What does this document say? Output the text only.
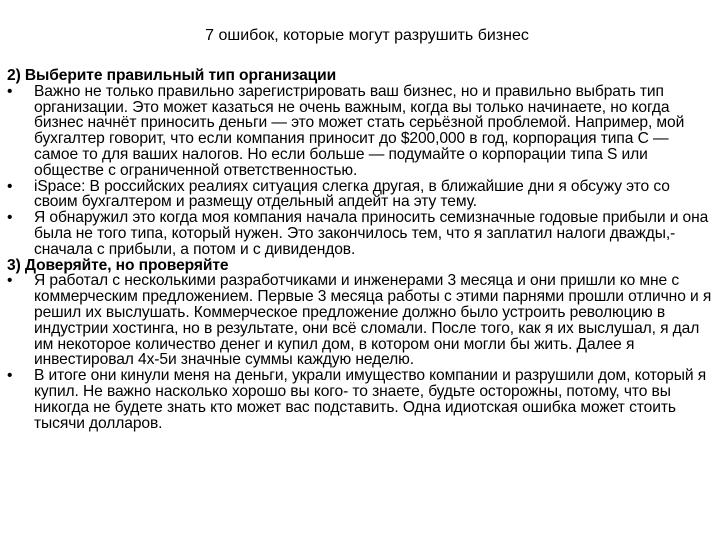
7 ошибок, которые могут разрушить бизнес

2) Выберите правильный тип организации

• Важно не только правильно зарегистрировать ваш бизнес, но и правильно выбрать тип организации. Это может казаться не очень важным, когда вы только начинаете, но когда бизнес начнёт приносить деньги — это может стать серьёзной проблемой. Например, мой бухгалтер говорит, что если компания приносит до $200,000 в год, корпорация типа С — самое то для ваших налогов. Но если больше — подумайте о корпорации типа S или обществе с ограниченной ответственностью.

• iSpace: В российских реалиях ситуация слегка другая, в ближайшие дни я обсужу это со своим бухгалтером и размещу отдельный апдейт на эту тему.

• Я обнаружил это когда моя компания начала приносить семизначные годовые прибыли и она была не того типа, который нужен. Это закончилось тем, что я заплатил налоги дважды,- сначала с прибыли, а потом и с дивидендов.

3) Доверяйте, но проверяйте

• Я работал с несколькими разработчиками и инженерами 3 месяца и они пришли ко мне с коммерческим предложением. Первые 3 месяца работы с этими парнями прошли отлично и я решил их выслушать. Коммерческое предложение должно было устроить революцию в индустрии хостинга, но в результате, они всё сломали. После того, как я их выслушал, я дал им некоторое количество денег и купил дом, в котором они могли бы жить. Далее я инвестировал 4х-5и значные суммы каждую неделю.

• В итоге они кинули меня на деньги, украли имущество компании и разрушили дом, который я купил. Не важно насколько хорошо вы кого- то знаете, будьте осторожны, потому, что вы никогда не будете знать кто может вас подставить. Одна идиотская ошибка может стоить тысячи долларов.
